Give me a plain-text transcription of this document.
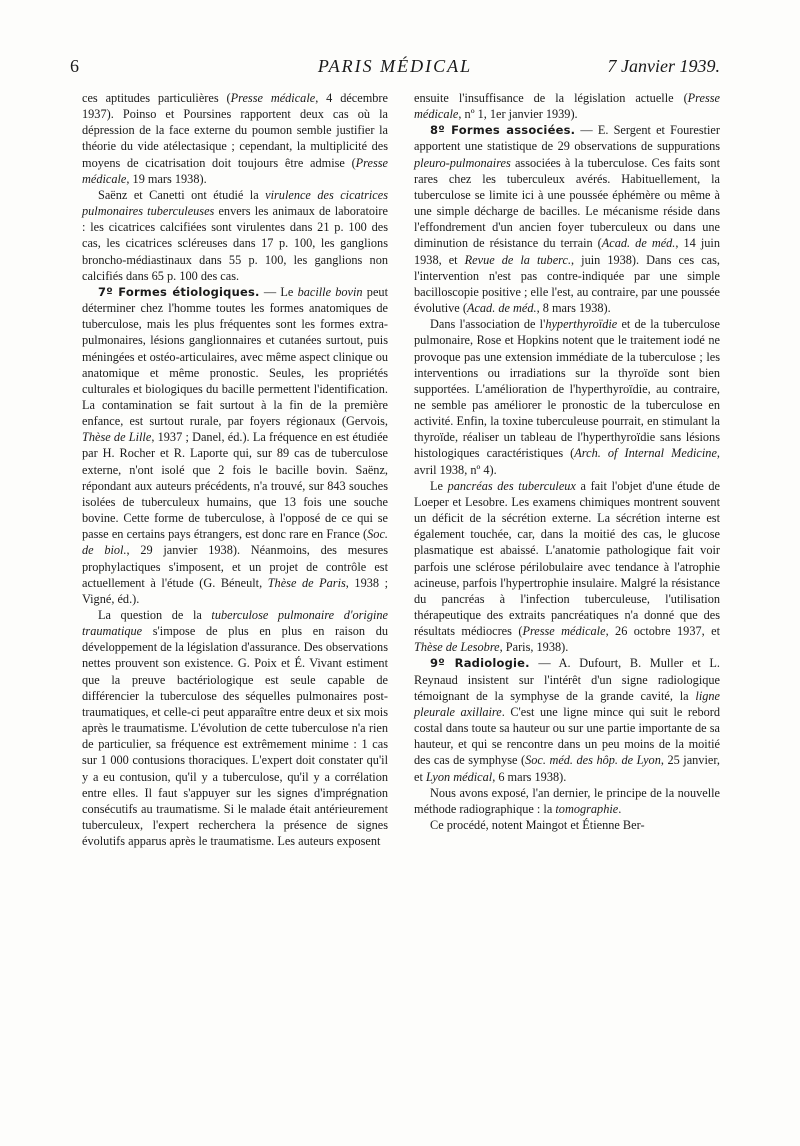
6	PARIS MÉDICAL	7 Janvier 1939.

ces aptitudes particulières (Presse médicale, 4 décembre 1937). Poinso et Poursines rapportent deux cas où la dépression de la face externe du poumon semble justifier la théorie du vide atélectasique ; cependant, la multiplicité des moyens de cicatrisation doit toujours être admise (Presse médicale, 19 mars 1938).

Saënz et Canetti ont étudié la virulence des cicatrices pulmonaires tuberculeuses envers les animaux de laboratoire : les cicatrices calcifiées sont virulentes dans 21 p. 100 des cas, les cicatrices scléreuses dans 17 p. 100, les ganglions broncho-médiastinaux dans 55 p. 100, les ganglions non calcifiés dans 65 p. 100 des cas.

7º Formes étiologiques. — Le bacille bovin peut déterminer chez l'homme toutes les formes anatomiques de tuberculose, mais les plus fréquentes sont les formes extra-pulmonaires, lésions ganglionnaires et cutanées surtout, puis méningées et ostéo-articulaires, avec même aspect clinique ou anatomique et même pronostic. Seules, les propriétés culturales et biologiques du bacille permettent l'identification. La contamination se fait surtout à la fin de la première enfance, est surtout rurale, par foyers régionaux (Gervois, Thèse de Lille, 1937 ; Danel, éd.). La fréquence en est étudiée par H. Rocher et R. Laporte qui, sur 89 cas de tuberculose externe, n'ont isolé que 2 fois le bacille bovin. Saënz, répondant aux auteurs précédents, n'a trouvé, sur 843 souches isolées de tuberculeux humains, que 13 fois une souche bovine. Cette forme de tuberculose, à l'opposé de ce qui se passe en certains pays étrangers, est donc rare en France (Soc. de biol., 29 janvier 1938). Néanmoins, des mesures prophylactiques s'imposent, et un projet de contrôle est actuellement à l'étude (G. Béneult, Thèse de Paris, 1938 ; Vigné, éd.).

La question de la tuberculose pulmonaire d'origine traumatique s'impose de plus en plus en raison du développement de la législation d'assurance. Des observations nettes prouvent son existence. G. Poix et É. Vivant estiment que la preuve bactériologique est seule capable de différencier la tuberculose des séquelles pulmonaires post-traumatiques, et celle-ci peut apparaître entre deux et six mois après le traumatisme. L'évolution de cette tuberculose n'a rien de particulier, sa fréquence est extrêmement minime : 1 cas sur 1 000 contusions thoraciques. L'expert doit constater qu'il y a eu contusion, qu'il y a tuberculose, qu'il y a corrélation entre elles. Il faut s'appuyer sur les signes d'imprégnation consécutifs au traumatisme. Si le malade était antérieurement tuberculeux, l'expert recherchera la présence de signes évolutifs apparus après le traumatisme. Les auteurs exposent

ensuite l'insuffisance de la législation actuelle (Presse médicale, nº 1, 1er janvier 1939).

8º Formes associées. — E. Sergent et Fourestier apportent une statistique de 29 observations de suppurations pleuro-pulmonaires associées à la tuberculose. Ces faits sont rares chez les tuberculeux avérés. Habituellement, la tuberculose se limite ici à une poussée éphémère ou même à une simple décharge de bacilles. Le mécanisme réside dans l'effondrement d'un ancien foyer tuberculeux ou dans une diminution de résistance du terrain (Acad. de méd., 14 juin 1938, et Revue de la tuberc., juin 1938). Dans ces cas, l'intervention n'est pas contre-indiquée par une simple bacilloscopie positive ; elle l'est, au contraire, par une poussée évolutive (Acad. de méd., 8 mars 1938).

Dans l'association de l'hyperthyroïdie et de la tuberculose pulmonaire, Rose et Hopkins notent que le traitement iodé ne provoque pas une extension immédiate de la tuberculose ; les interventions ou irradiations sur la thyroïde sont bien supportées. L'amélioration de l'hyperthyroïdie, au contraire, ne semble pas améliorer le pronostic de la tuberculose en activité. Enfin, la toxine tuberculeuse pourrait, en stimulant la thyroïde, réaliser un tableau de l'hyperthyroïdie sans lésions histologiques caractéristiques (Arch. of Internal Medicine, avril 1938, nº 4).

Le pancréas des tuberculeux a fait l'objet d'une étude de Loeper et Lesobre. Les examens chimiques montrent souvent un déficit de la sécrétion externe. La sécrétion interne est également touchée, car, dans la moitié des cas, le glucose plasmatique est abaissé. L'anatomie pathologique fait voir parfois une sclérose périlobulaire avec tendance à l'atrophie acineuse, parfois l'hypertrophie insulaire. Malgré la résistance du pancréas à l'infection tuberculeuse, l'utilisation thérapeutique des extraits pancréatiques n'a donné que des résultats médiocres (Presse médicale, 26 octobre 1937, et Thèse de Lesobre, Paris, 1938).

9º Radiologie. — A. Dufourt, B. Muller et L. Reynaud insistent sur l'intérêt d'un signe radiologique témoignant de la symphyse de la grande cavité, la ligne pleurale axillaire. C'est une ligne mince qui suit le rebord costal dans toute sa hauteur ou sur une partie importante de sa hauteur, et qui se rencontre dans un peu moins de la moitié des cas de symphyse (Soc. méd. des hôp. de Lyon, 25 janvier, et Lyon médical, 6 mars 1938).

Nous avons exposé, l'an dernier, le principe de la nouvelle méthode radiographique : la tomographie.

Ce procédé, notent Maingot et Étienne Ber-
